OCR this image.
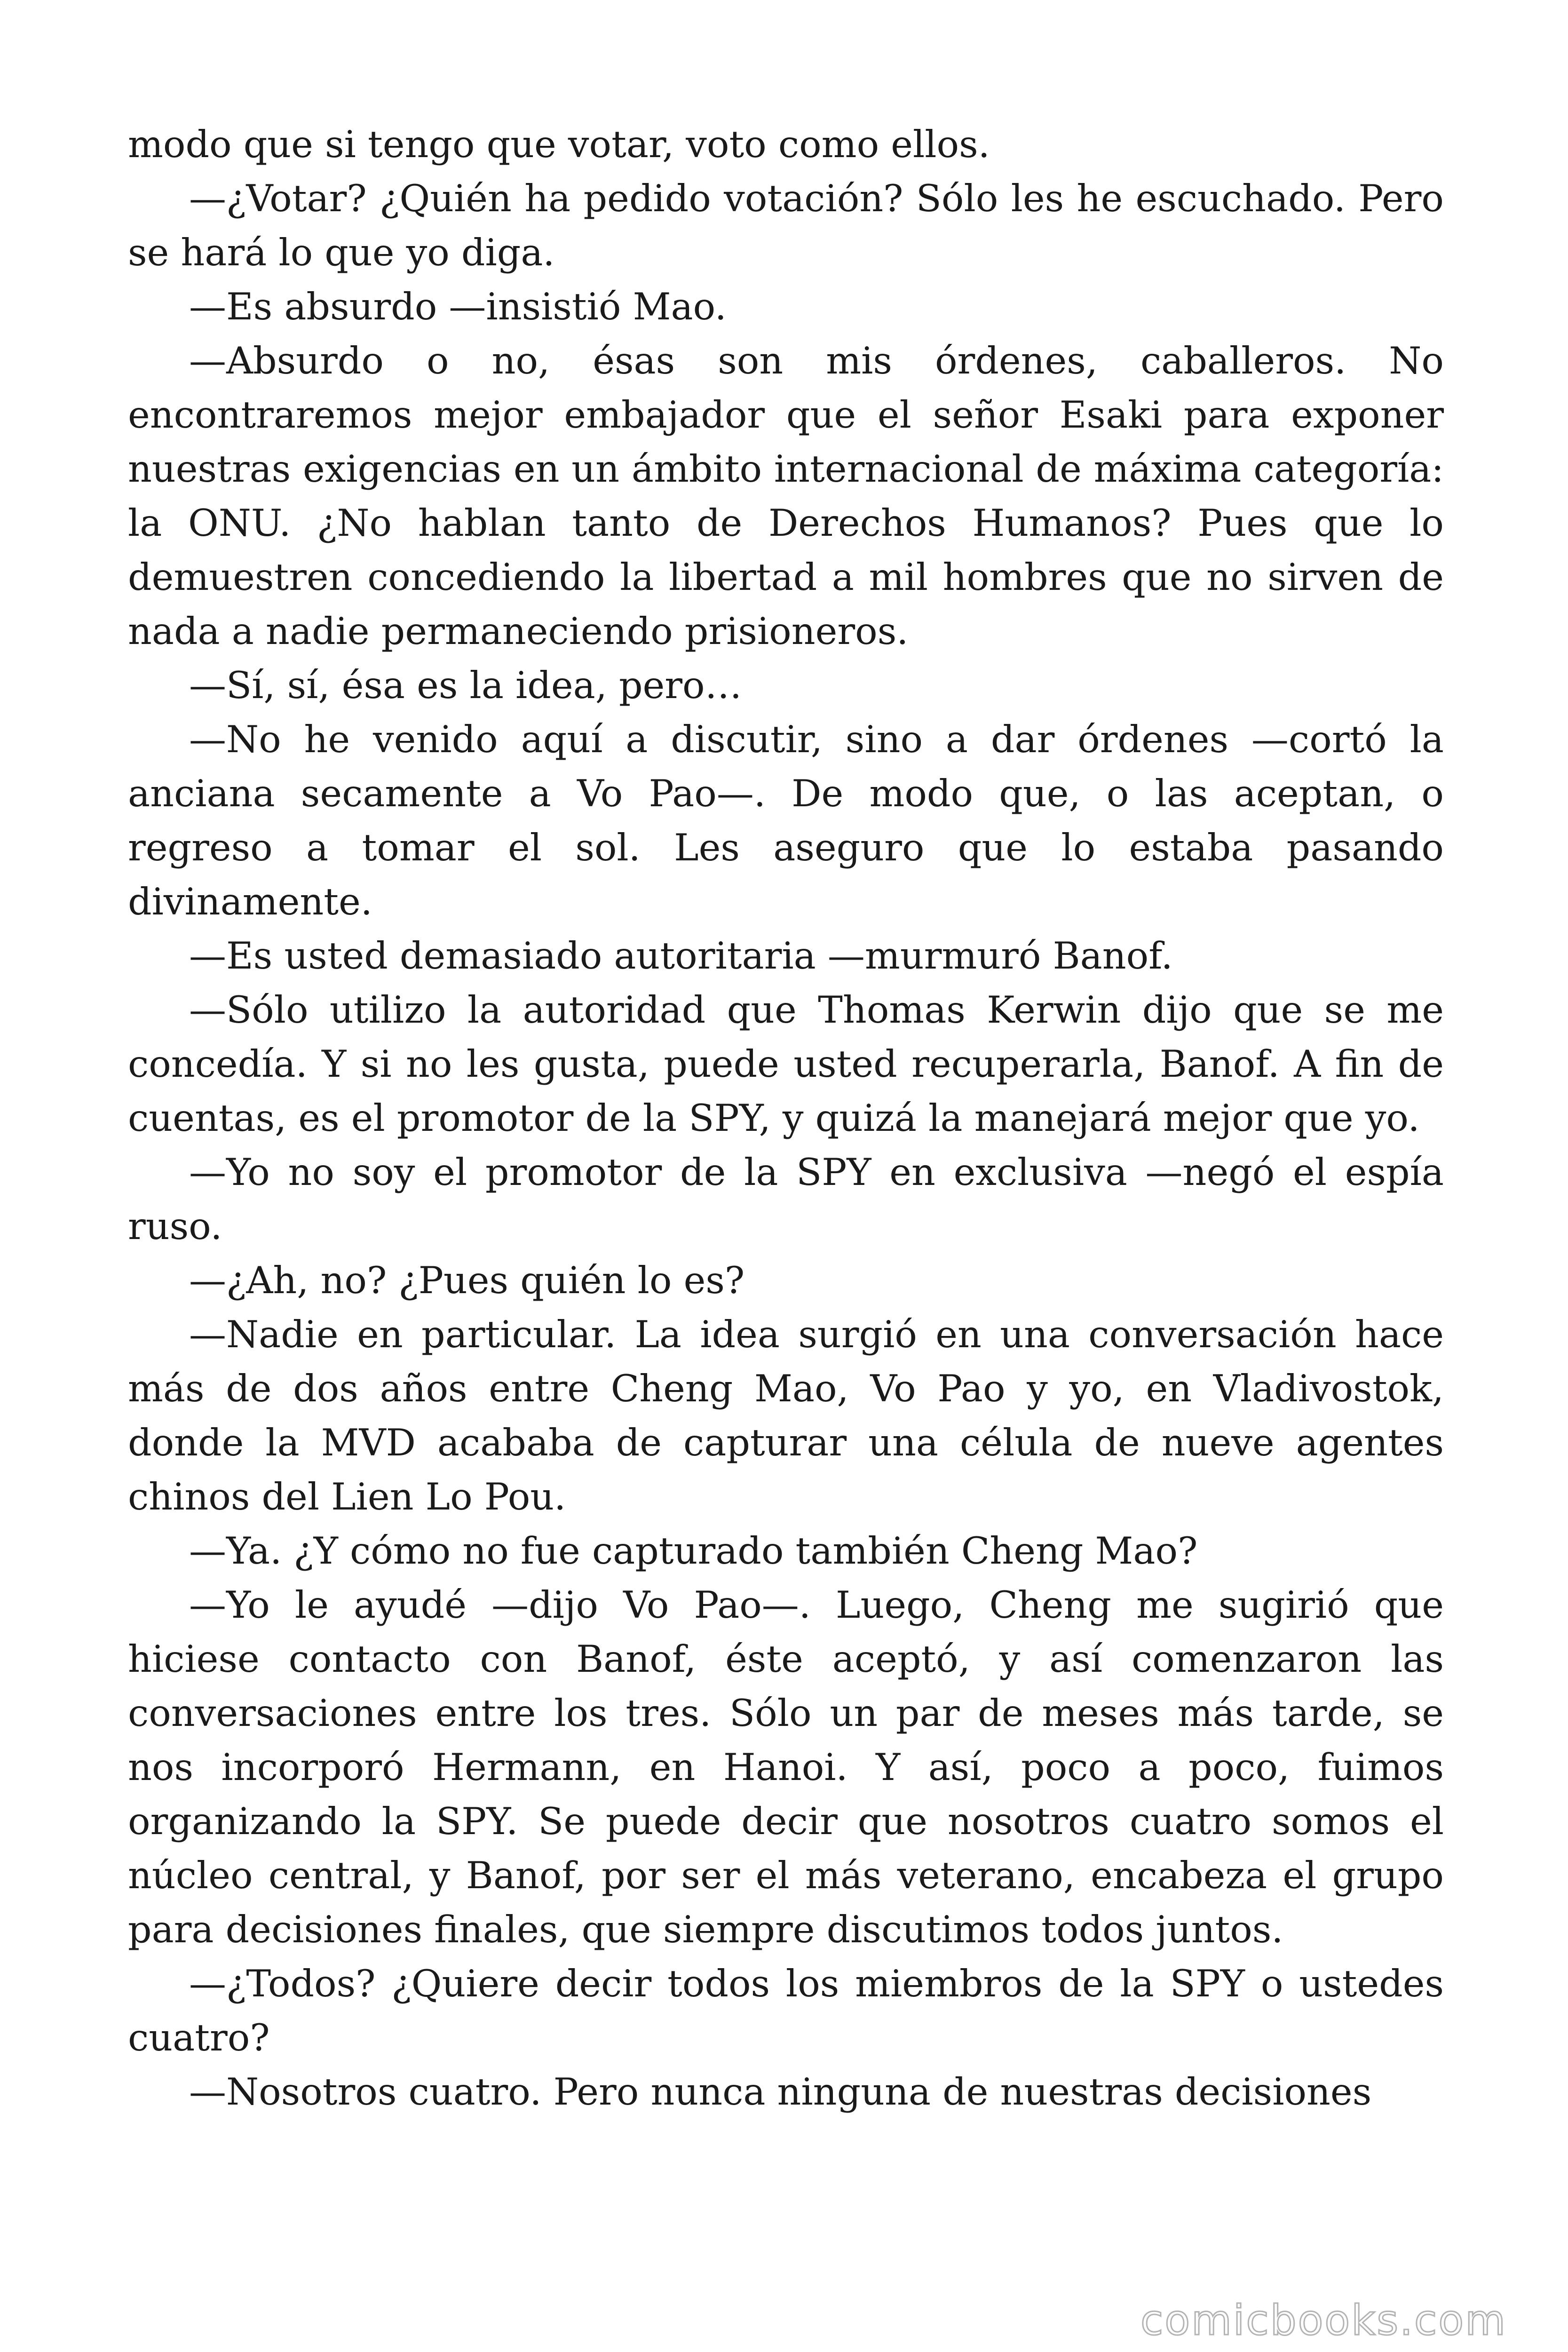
modo que si tengo que votar, voto como ellos.

—¿Votar? ¿Quién ha pedido votación? Sólo les he escuchado. Pero se hará lo que yo diga.

—Es absurdo —insistió Mao.

—Absurdo o no, ésas son mis órdenes, caballeros. No encontraremos mejor embajador que el señor Esaki para exponer nuestras exigencias en un ámbito internacional de máxima categoría: la ONU. ¿No hablan tanto de Derechos Humanos? Pues que lo demuestren concediendo la libertad a mil hombres que no sirven de nada a nadie permaneciendo prisioneros.

—Sí, sí, ésa es la idea, pero…

—No he venido aquí a discutir, sino a dar órdenes —cortó la anciana secamente a Vo Pao—. De modo que, o las aceptan, o regreso a tomar el sol. Les aseguro que lo estaba pasando divinamente.

—Es usted demasiado autoritaria —murmuró Banof.

—Sólo utilizo la autoridad que Thomas Kerwin dijo que se me concedía. Y si no les gusta, puede usted recuperarla, Banof. A fin de cuentas, es el promotor de la SPY, y quizá la manejará mejor que yo.

—Yo no soy el promotor de la SPY en exclusiva —negó el espía ruso.

—¿Ah, no? ¿Pues quién lo es?

—Nadie en particular. La idea surgió en una conversación hace más de dos años entre Cheng Mao, Vo Pao y yo, en Vladivostok, donde la MVD acababa de capturar una célula de nueve agentes chinos del Lien Lo Pou.

—Ya. ¿Y cómo no fue capturado también Cheng Mao?

—Yo le ayudé —dijo Vo Pao—. Luego, Cheng me sugirió que hiciese contacto con Banof, éste aceptó, y así comenzaron las conversaciones entre los tres. Sólo un par de meses más tarde, se nos incorporó Hermann, en Hanoi. Y así, poco a poco, fuimos organizando la SPY. Se puede decir que nosotros cuatro somos el núcleo central, y Banof, por ser el más veterano, encabeza el grupo para decisiones finales, que siempre discutimos todos juntos.

—¿Todos? ¿Quiere decir todos los miembros de la SPY o ustedes cuatro?

—Nosotros cuatro. Pero nunca ninguna de nuestras decisiones

comicbooks.com
